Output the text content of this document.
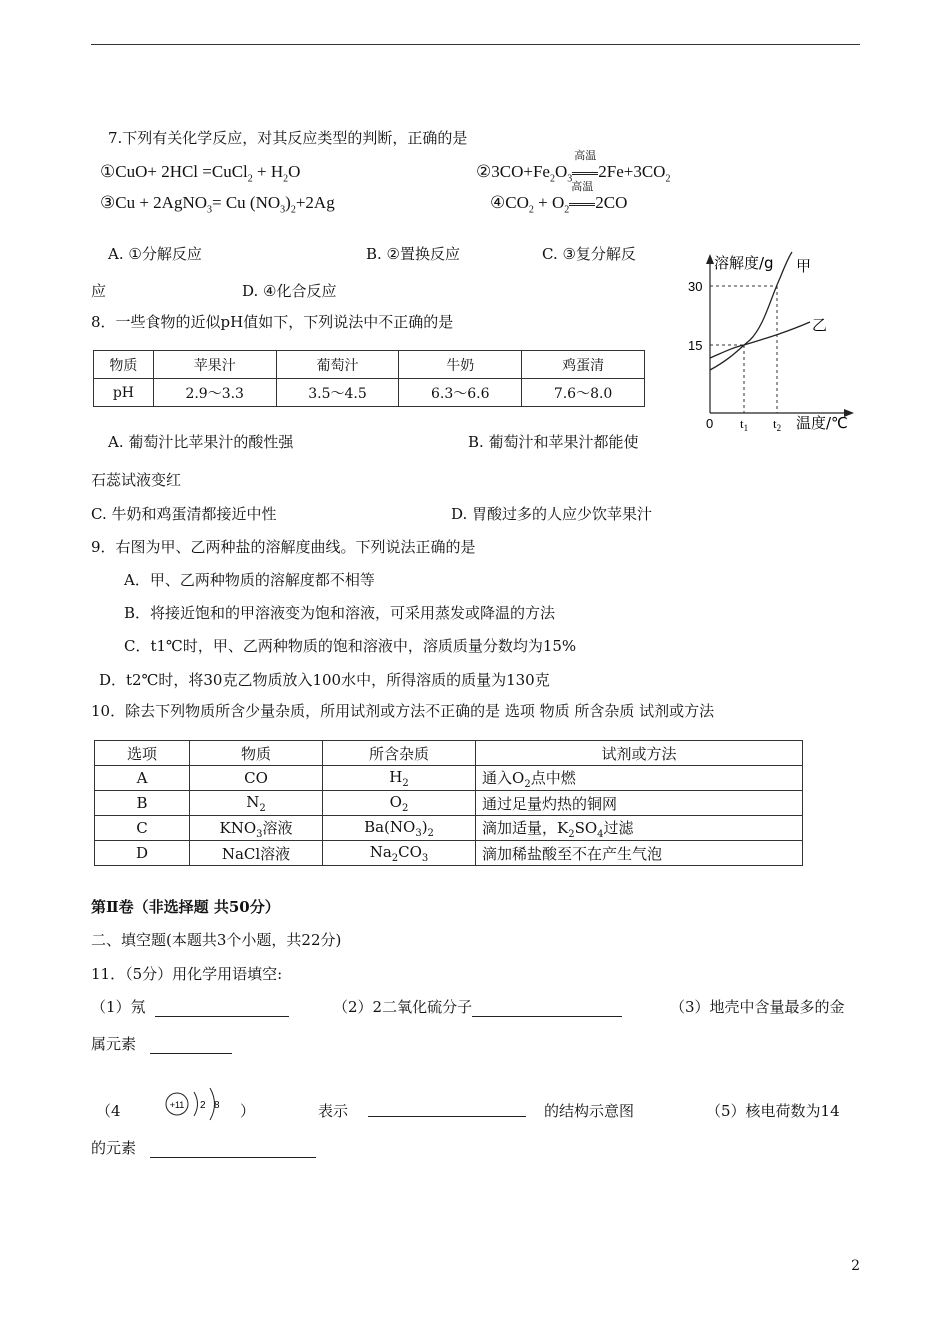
7.下列有关化学反应，对其反应类型的判断，正确的是
①CuO+ 2HCl =CuCl$_2$ + $H_2O$	$②3CO+Fe_2O_3$
高温
$2Fe+3CO_2$
③Cu + 2AgNO$_3$= Cu $(NO_3)_2+2Ag$	$④CO_2 + O_2$
高温
2CO
A. ①分解反应	B. ②置换反应	C. ③复分解反
应	D. ④化合反应
溶解度/g 甲
乙
30
15
0 $t_1$ $t_2$ 温度/℃
8．一些食物的近似pH值如下，下列说法中不正确的是
物质	苹果汁	葡萄汁	牛奶	鸡蛋清
pH	2.9～3.3	3.5～4.5	6.3～6.6	7.6～8.0
A. 葡萄汁比苹果汁的酸性强	B. 葡萄汁和苹果汁都能使
石蕊试液变红
C. 牛奶和鸡蛋清都接近中性	D. 胃酸过多的人应少饮苹果汁
9．右图为甲、乙两种盐的溶解度曲线。下列说法正确的是
A．甲、乙两种物质的溶解度都不相等
B．将接近饱和的甲溶液变为饱和溶液，可采用蒸发或降温的方法
C．t1℃时，甲、乙两种物质的饱和溶液中，溶质质量分数均为15%
D．t2℃时，将30克乙物质放入100水中，所得溶质的质量为130克
10．除去下列物质所含少量杂质，所用试剂或方法不正确的是 选项 物质 所含杂质 试剂或方法
选项	物质	所含杂质	试剂或方法
A	CO	$H_2$	通入$O_2$点中燃
B	$N_2$	$O_2$	通过足量灼热的铜网
C	$KNO_3$溶液	$Ba(NO_3)_2$	滴加适量，$K_2SO_4$过滤
D	NaCl溶液	$Na_2CO_3$	滴加稀盐酸至不在产生气泡
第Ⅱ卷（非选择题 共50分）
二、填空题(本题共3个小题，共22分)
11．（5分）用化学用语填空:
（1）氖	（2）2二氧化硫分子	（3）地壳中含量最多的金
属元素
（4	+11 2 8 ）	表示	的结构示意图	（5）核电荷数为14
的元素
2
